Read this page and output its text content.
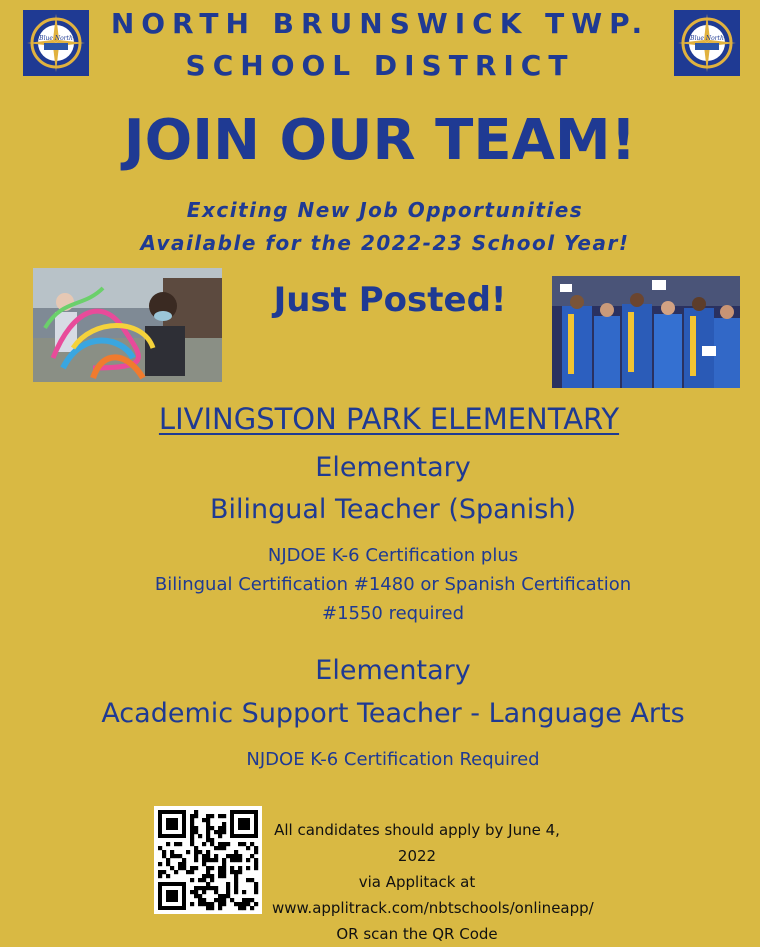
Blue North	Blue North
NORTH BRUNSWICK TWP.
SCHOOL DISTRICT
JOIN OUR TEAM!
Exciting New Job Opportunities
Available for the 2022-23 School Year!
Just Posted!
LIVINGSTON PARK ELEMENTARY
Elementary
Bilingual Teacher (Spanish)
NJDOE K-6 Certification plus
Bilingual Certification #1480 or Spanish Certification
#1550 required
Elementary
Academic Support Teacher - Language Arts
NJDOE K-6 Certification Required
All candidates should apply by June 4, 2022
via Applitack at
www.applitrack.com/nbtschools/onlineapp/
OR scan the QR Code
